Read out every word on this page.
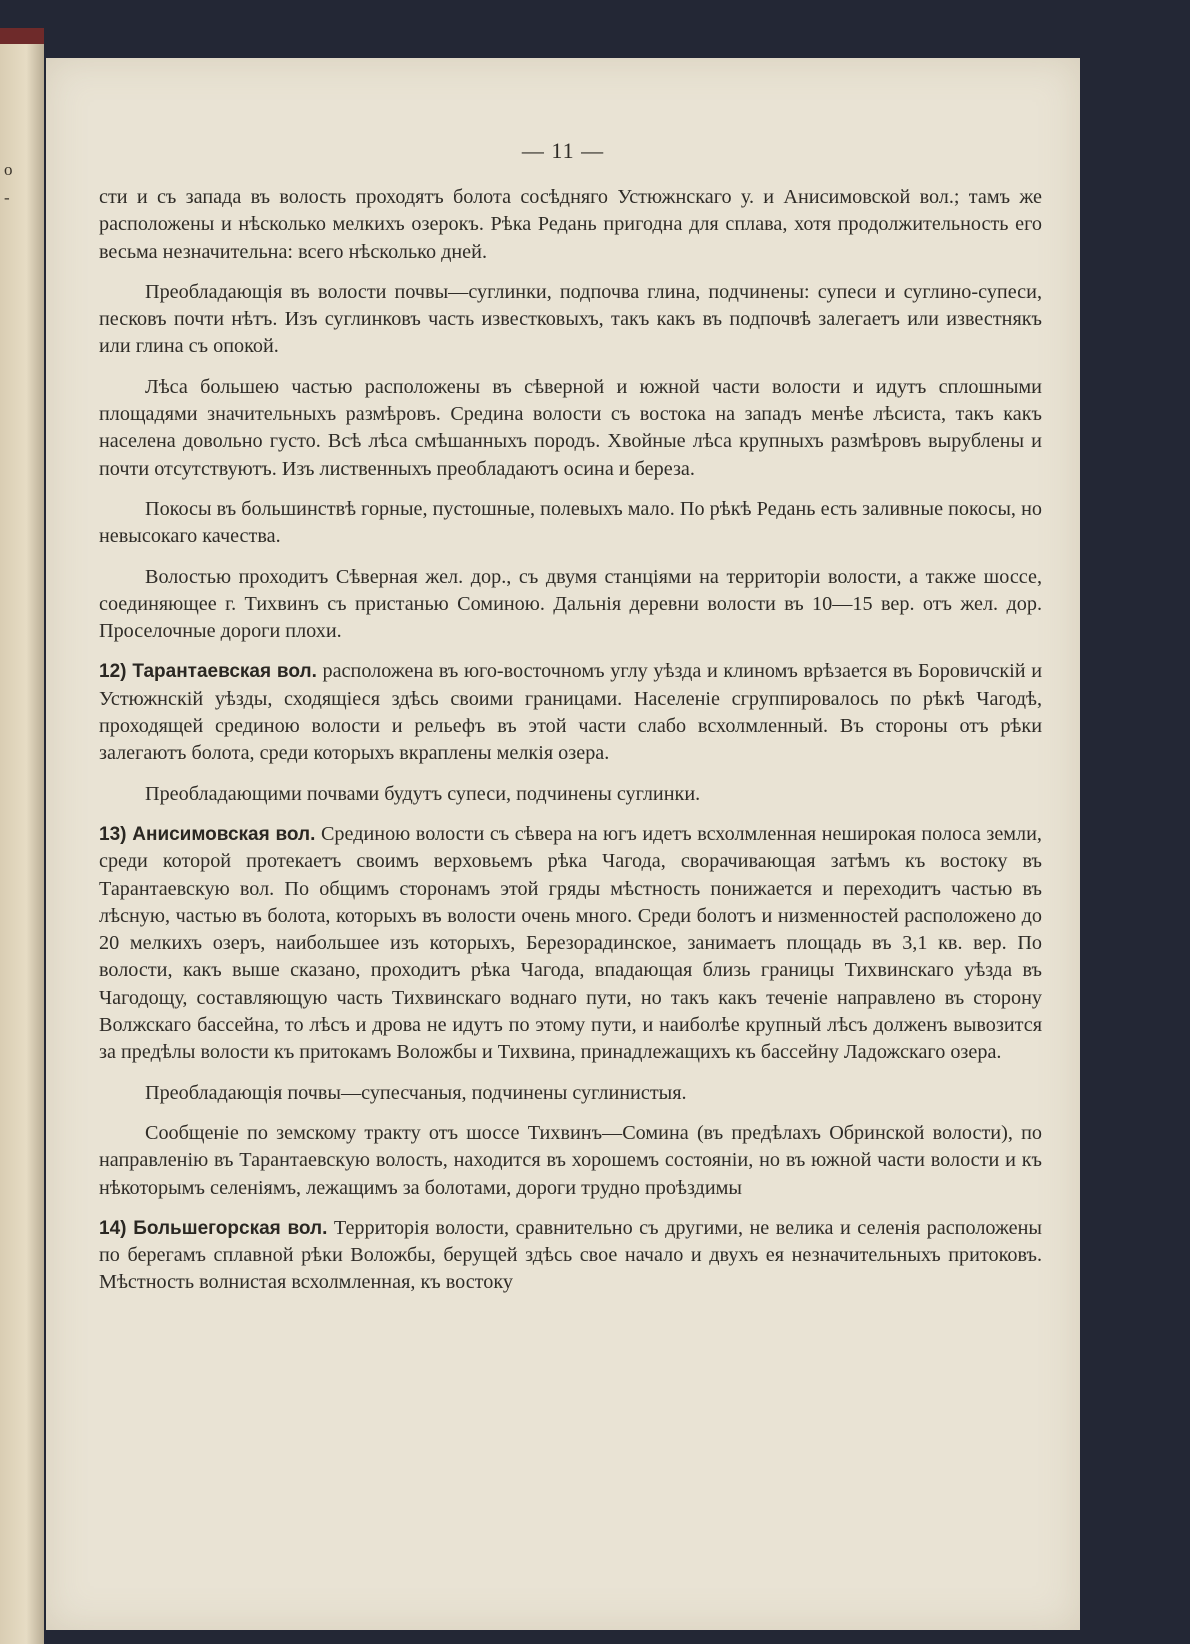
о
-
— 11 —

сти и съ запада въ волость проходятъ болота сосѣдняго Устюжнскаго у. и Анисимовской вол.; тамъ же расположены и нѣсколько мелкихъ озерокъ. Рѣка Редань пригодна для сплава, хотя продолжительность его весьма незначительна: всего нѣсколько дней.

Преобладающія въ волости почвы—суглинки, подпочва глина, подчинены: супеси и суглино-супеси, песковъ почти нѣтъ. Изъ суглинковъ часть известковыхъ, такъ какъ въ подпочвѣ залегаетъ или известнякъ или глина съ опокой.

Лѣса большею частью расположены въ сѣверной и южной части волости и идутъ сплошными площадями значительныхъ размѣровъ. Средина волости съ востока на западъ менѣе лѣсиста, такъ какъ населена довольно густо. Всѣ лѣса смѣшанныхъ породъ. Хвойные лѣса крупныхъ размѣровъ вырублены и почти отсутствуютъ. Изъ лиственныхъ преобладаютъ осина и береза.

Покосы въ большинствѣ горные, пустошные, полевыхъ мало. По рѣкѣ Редань есть заливные покосы, но невысокаго качества.

Волостью проходитъ Сѣверная жел. дор., съ двумя станціями на территоріи волости, а также шоссе, соединяющее г. Тихвинъ съ пристанью Соминою. Дальнія деревни волости въ 10—15 вер. отъ жел. дор. Проселочные дороги плохи.

12) Тарантаевская вол. расположена въ юго-восточномъ углу уѣзда и клиномъ врѣзается въ Боровичскій и Устюжнскій уѣзды, сходящіеся здѣсь своими границами. Населеніе сгруппировалось по рѣкѣ Чагодѣ, проходящей срединою волости и рельефъ въ этой части слабо всхолмленный. Въ стороны отъ рѣки залегаютъ болота, среди которыхъ вкраплены мелкія озера.

Преобладающими почвами будутъ супеси, подчинены суглинки.

13) Анисимовская вол. Срединою волости съ сѣвера на югъ идетъ всхолмленная неширокая полоса земли, среди которой протекаетъ своимъ верховьемъ рѣка Чагода, сворачивающая затѣмъ къ востоку въ Тарантаевскую вол. По общимъ сторонамъ этой гряды мѣстность понижается и переходитъ частью въ лѣсную, частью въ болота, которыхъ въ волости очень много. Среди болотъ и низменностей расположено до 20 мелкихъ озеръ, наибольшее изъ которыхъ, Березорадинское, занимаетъ площадь въ 3,1 кв. вер. По волости, какъ выше сказано, проходитъ рѣка Чагода, впадающая близь границы Тихвинскаго уѣзда въ Чагодощу, составляющую часть Тихвинскаго воднаго пути, но такъ какъ теченіе направлено въ сторону Волжскаго бассейна, то лѣсъ и дрова не идутъ по этому пути, и наиболѣе крупный лѣсъ долженъ вывозится за предѣлы волости къ притокамъ Воложбы и Тихвина, принадлежащихъ къ бассейну Ладожскаго озера.

Преобладающія почвы—супесчаныя, подчинены суглинистыя.

Сообщеніе по земскому тракту отъ шоссе Тихвинъ—Сомина (въ предѣлахъ Обринской волости), по направленію въ Тарантаевскую волость, находится въ хорошемъ состояніи, но въ южной части волости и къ нѣкоторымъ селеніямъ, лежащимъ за болотами, дороги трудно проѣздимы

14) Большегорская вол. Территорія волости, сравнительно съ другими, не велика и селенія расположены по берегамъ сплавной рѣки Воложбы, берущей здѣсь свое начало и двухъ ея незначительныхъ притоковъ. Мѣстность волнистая всхолмленная, къ востоку
